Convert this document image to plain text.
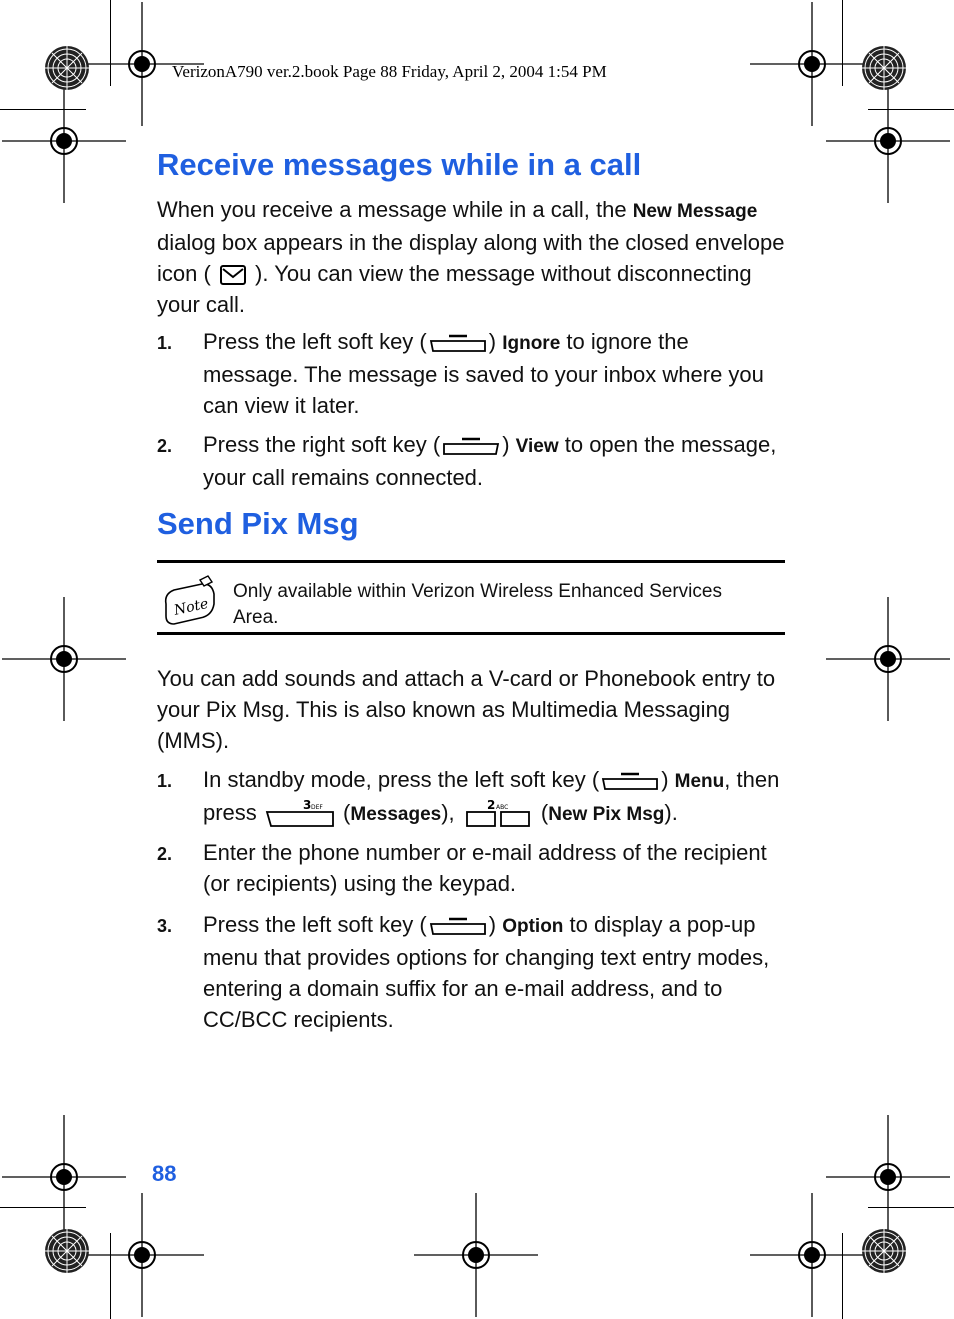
VerizonA790 ver.2.book Page 88 Friday, April 2, 2004 1:54 PM
Receive messages while in a call

When you receive a message while in a call, the New Message dialog box appears in the display along with the closed envelope icon (  ). You can view the message without disconnecting your call.

1. Press the left soft key (	) Ignore to ignore the message. The message is saved to your inbox where you can view it later.
2. Press the right soft key (	) View to open the message, your call remains connected.
Send Pix Msg
Note
Only available within Verizon Wireless Enhanced Services Area.

You can add sounds and attach a V-card or Phonebook entry to your Pix Msg. This is also known as Multimedia Messaging (MMS).

1. In standby mode, press the left soft key (	) Menu, then press	3 DEF (Messages), 2 ABC (New Pix Msg).
2. Enter the phone number or e-mail address of the recipient (or recipients) using the keypad.
3. Press the left soft key (	) Option to display a pop-up menu that provides options for changing text entry modes, entering a domain suffix for an e-mail address, and to CC/BCC recipients.
88
